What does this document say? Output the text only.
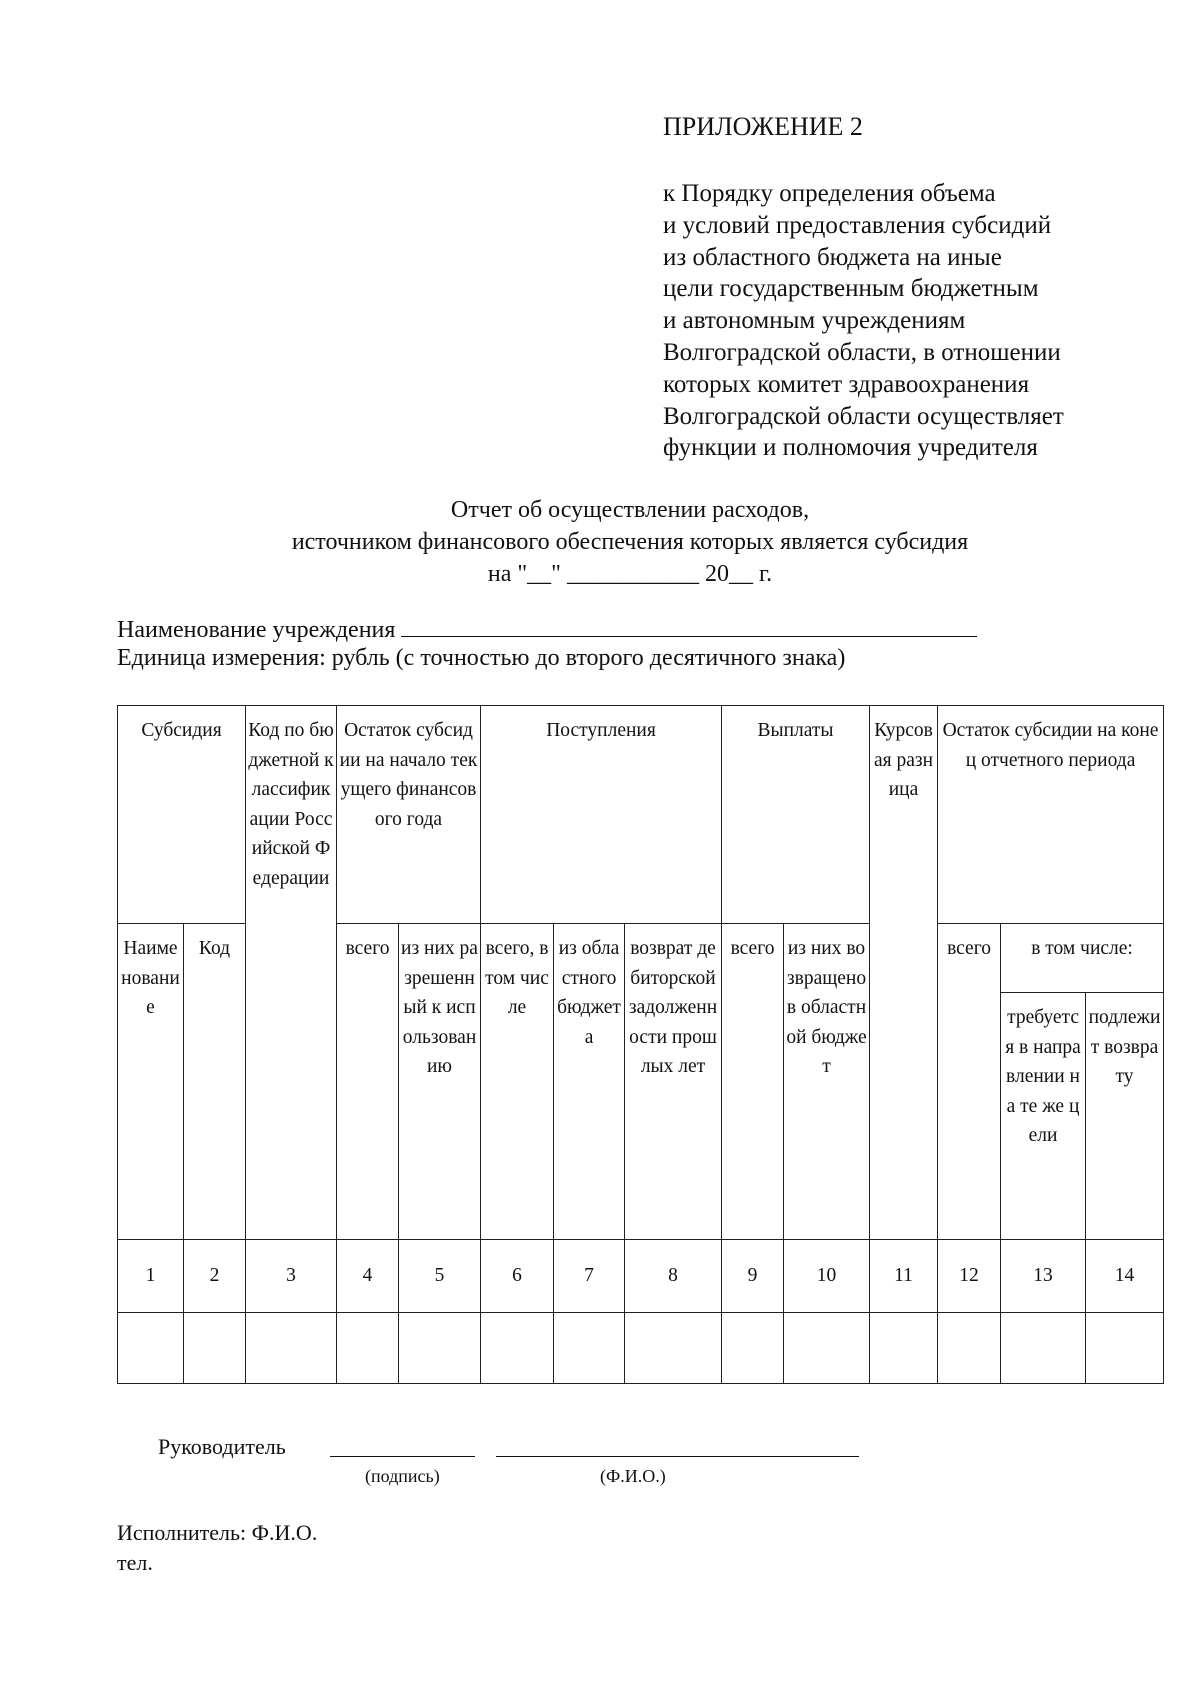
ПРИЛОЖЕНИЕ 2
к Порядку определения объема
и условий предоставления субсидий
из областного бюджета на иные
цели государственным бюджетным
и автономным учреждениям
Волгоградской области, в отношении
которых комитет здравоохранения
Волгоградской области осуществляет
функции и полномочия учредителя
Отчет об осуществлении расходов,
источником финансового обеспечения которых является субсидия
на "__" ___________ 20__ г.
Наименование учреждения
Единица измерения: рубль (с точностью до второго десятичного знака)
Субсидия		Код по бюджетной классификации Российской Федерации	Остаток субсидии на начало текущего финансового года		Поступления			Выплаты		Курсовая разница	Остаток субсидии на конец отчетного периода		
Наименование	Код		всего	из них разрешенный к использованию	всего, в том числе	из областного бюджета	возврат дебиторской задолженности прошлых лет	всего	из них возвращено в областной бюджет		всего	в том числе:	
												требуется в направлении на те же цели	подлежит возврату
1	2	3	4	5	6	7	8	9	10	11	12	13	14

Руководитель
(подпись)	(Ф.И.О.)
Исполнитель: Ф.И.О.
тел.
